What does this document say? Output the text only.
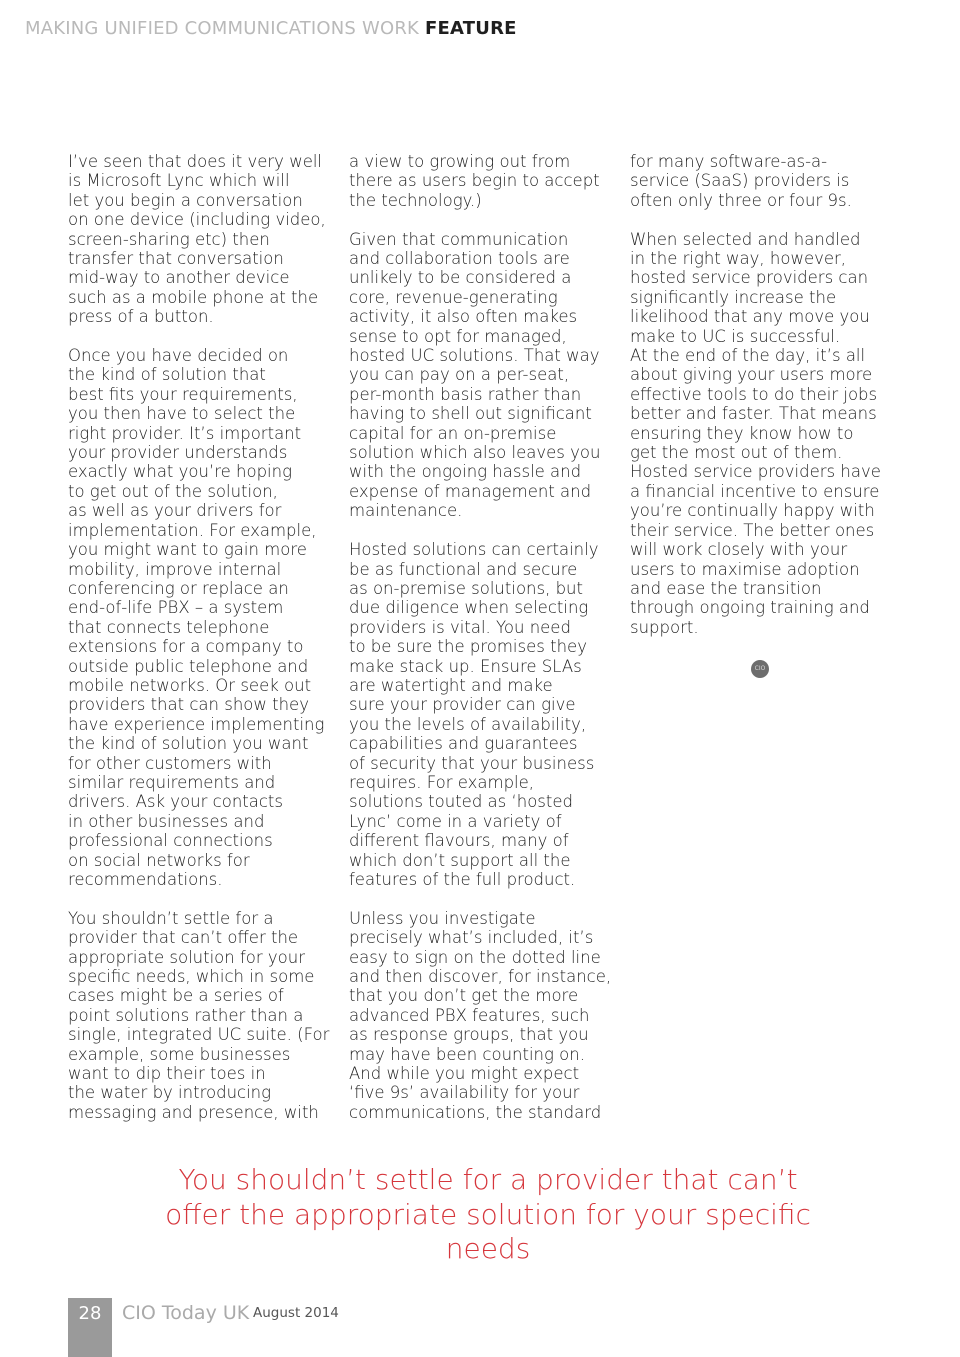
MAKING UNIFIED COMMUNICATIONS WORK FEATURE
I’ve seen that does it very well
is Microsoft Lync which will
let you begin a conversation
on one device (including video,
screen-sharing etc) then
transfer that conversation
mid-way to another device
such as a mobile phone at the
press of a button.
Once you have decided on
the kind of solution that
best fits your requirements,
you then have to select the
right provider. It’s important
your provider understands
exactly what you’re hoping
to get out of the solution,
as well as your drivers for
implementation. For example,
you might want to gain more
mobility, improve internal
conferencing or replace an
end-of-life PBX – a system
that connects telephone
extensions for a company to
outside public telephone and
mobile networks. Or seek out
providers that can show they
have experience implementing
the kind of solution you want
for other customers with
similar requirements and
drivers. Ask your contacts
in other businesses and
professional connections
on social networks for
recommendations.
You shouldn’t settle for a
provider that can’t offer the
appropriate solution for your
specific needs, which in some
cases might be a series of
point solutions rather than a
single, integrated UC suite. (For
example, some businesses
want to dip their toes in
the water by introducing
messaging and presence, with
a view to growing out from
there as users begin to accept
the technology.)
Given that communication
and collaboration tools are
unlikely to be considered a
core, revenue-generating
activity, it also often makes
sense to opt for managed,
hosted UC solutions. That way
you can pay on a per-seat,
per-month basis rather than
having to shell out significant
capital for an on-premise
solution which also leaves you
with the ongoing hassle and
expense of management and
maintenance.
Hosted solutions can certainly
be as functional and secure
as on-premise solutions, but
due diligence when selecting
providers is vital. You need
to be sure the promises they
make stack up. Ensure SLAs
are watertight and make
sure your provider can give
you the levels of availability,
capabilities and guarantees
of security that your business
requires. For example,
solutions touted as ‘hosted
Lync’ come in a variety of
different flavours, many of
which don’t support all the
features of the full product.
Unless you investigate
precisely what’s included, it’s
easy to sign on the dotted line
and then discover, for instance,
that you don’t get the more
advanced PBX features, such
as response groups, that you
may have been counting on.
And while you might expect
‘five 9s’ availability for your
communications, the standard
for many software-as-a-
service (SaaS) providers is
often only three or four 9s.
When selected and handled
in the right way, however,
hosted service providers can
significantly increase the
likelihood that any move you
make to UC is successful.
At the end of the day, it’s all
about giving your users more
effective tools to do their jobs
better and faster. That means
ensuring they know how to
get the most out of them.
Hosted service providers have
a financial incentive to ensure
you’re continually happy with
their service. The better ones
will work closely with your
users to maximise adoption
and ease the transition
through ongoing training and
support.
CIO
You shouldn’t settle for a provider that can’t
offer the appropriate solution for your specific
needs
28	CIO Today UK August 2014
